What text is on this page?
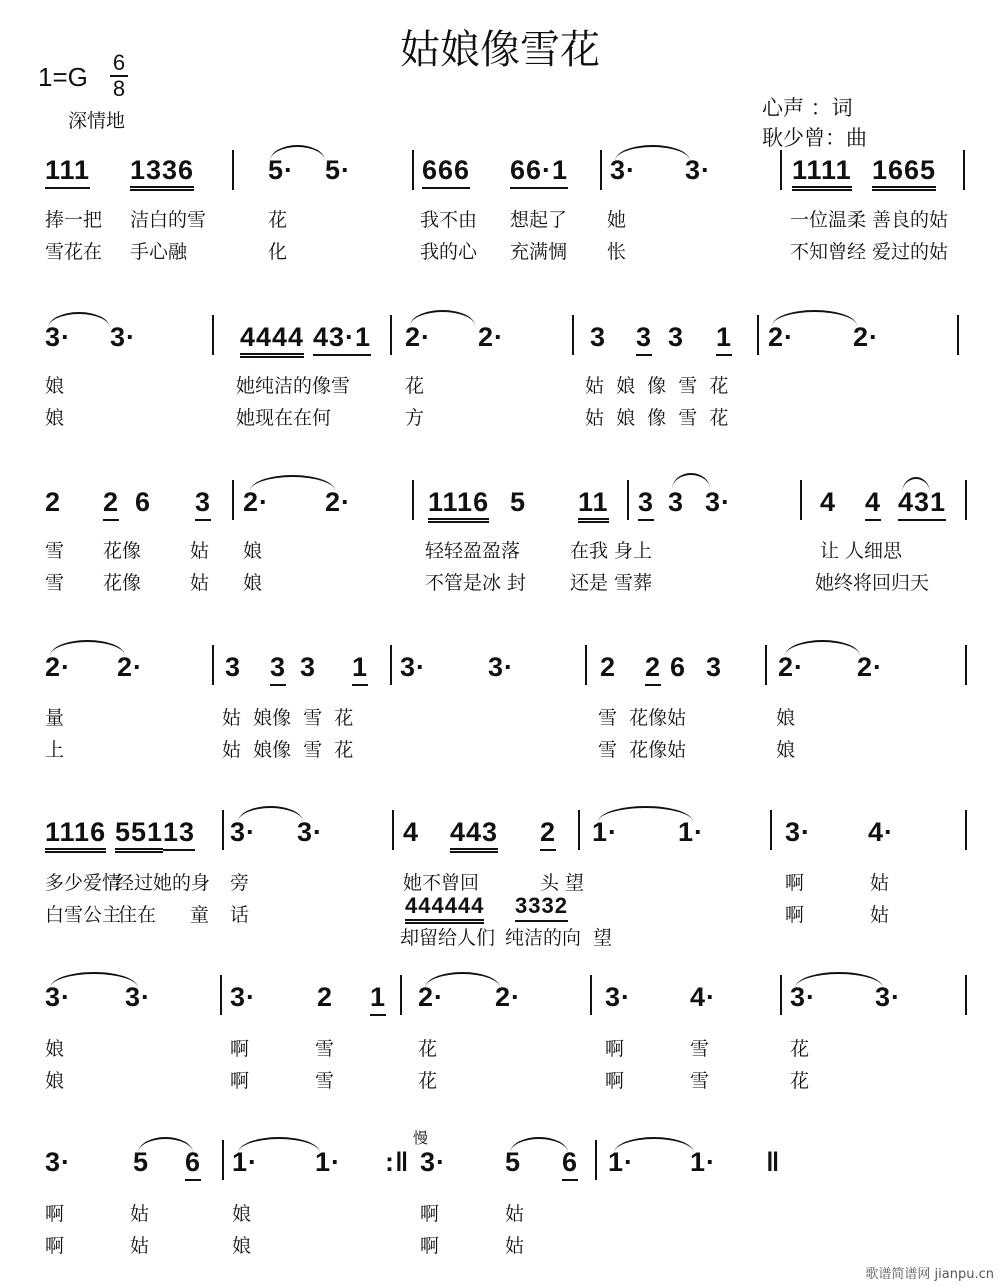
姑娘像雪花
1=G 6
8
深情地
心声 ：词
耿少曾：曲
111 1336	5· 5·	666 66·1 3· 3·	1111 1665
捧一把 洁白的雪	花	我不由 想起了 她	一位温柔 善良的姑
雪花在 手心融	化	我的心 充满惆 怅	不知曾经 爱过的姑
3· 3·	4444 43·1 2· 2·	3 3 3 1 2· 2·
娘	她纯洁的像雪	花	姑  娘  像  雪  花
娘	她现在在何	方	姑  娘  像  雪  花
2 2 6 3 2· 2·	1116 5 11 3 3 3·	4 4 431
雪 花像	姑 娘	轻轻盈盈落	在我 身上	让 人细思
雪 花像	姑 娘	不管是冰 封 还是 雪葬	她终将回归天
2· 2·	3 3 3 1 3· 3·	2 2 6 3 2· 2·
量	姑  娘像  雪  花	雪  花像姑	娘
上	姑  娘像  雪  花	雪  花像姑	娘
1116 551 13 3· 3·	4 443 2 1· 1·	3· 4·
多少爱情
经过她的身 旁	她不曾回	头 望	啊	姑
白雪公主
住在 童 话	444444 3332	啊	姑
却留给人们 纯洁的向 望
3· 3·	3· 2 1 2· 2·	3· 4·	3· 3·
娘	啊	雪	花	啊	雪	花
娘	啊	雪	花	啊	雪	花
3· 5 6 1· 1· :‖
慢
3· 5 6 1· 1· ‖
啊	姑	娘	啊	姑
啊	姑	娘	啊	姑
歌谱简谱网 jianpu.cn
